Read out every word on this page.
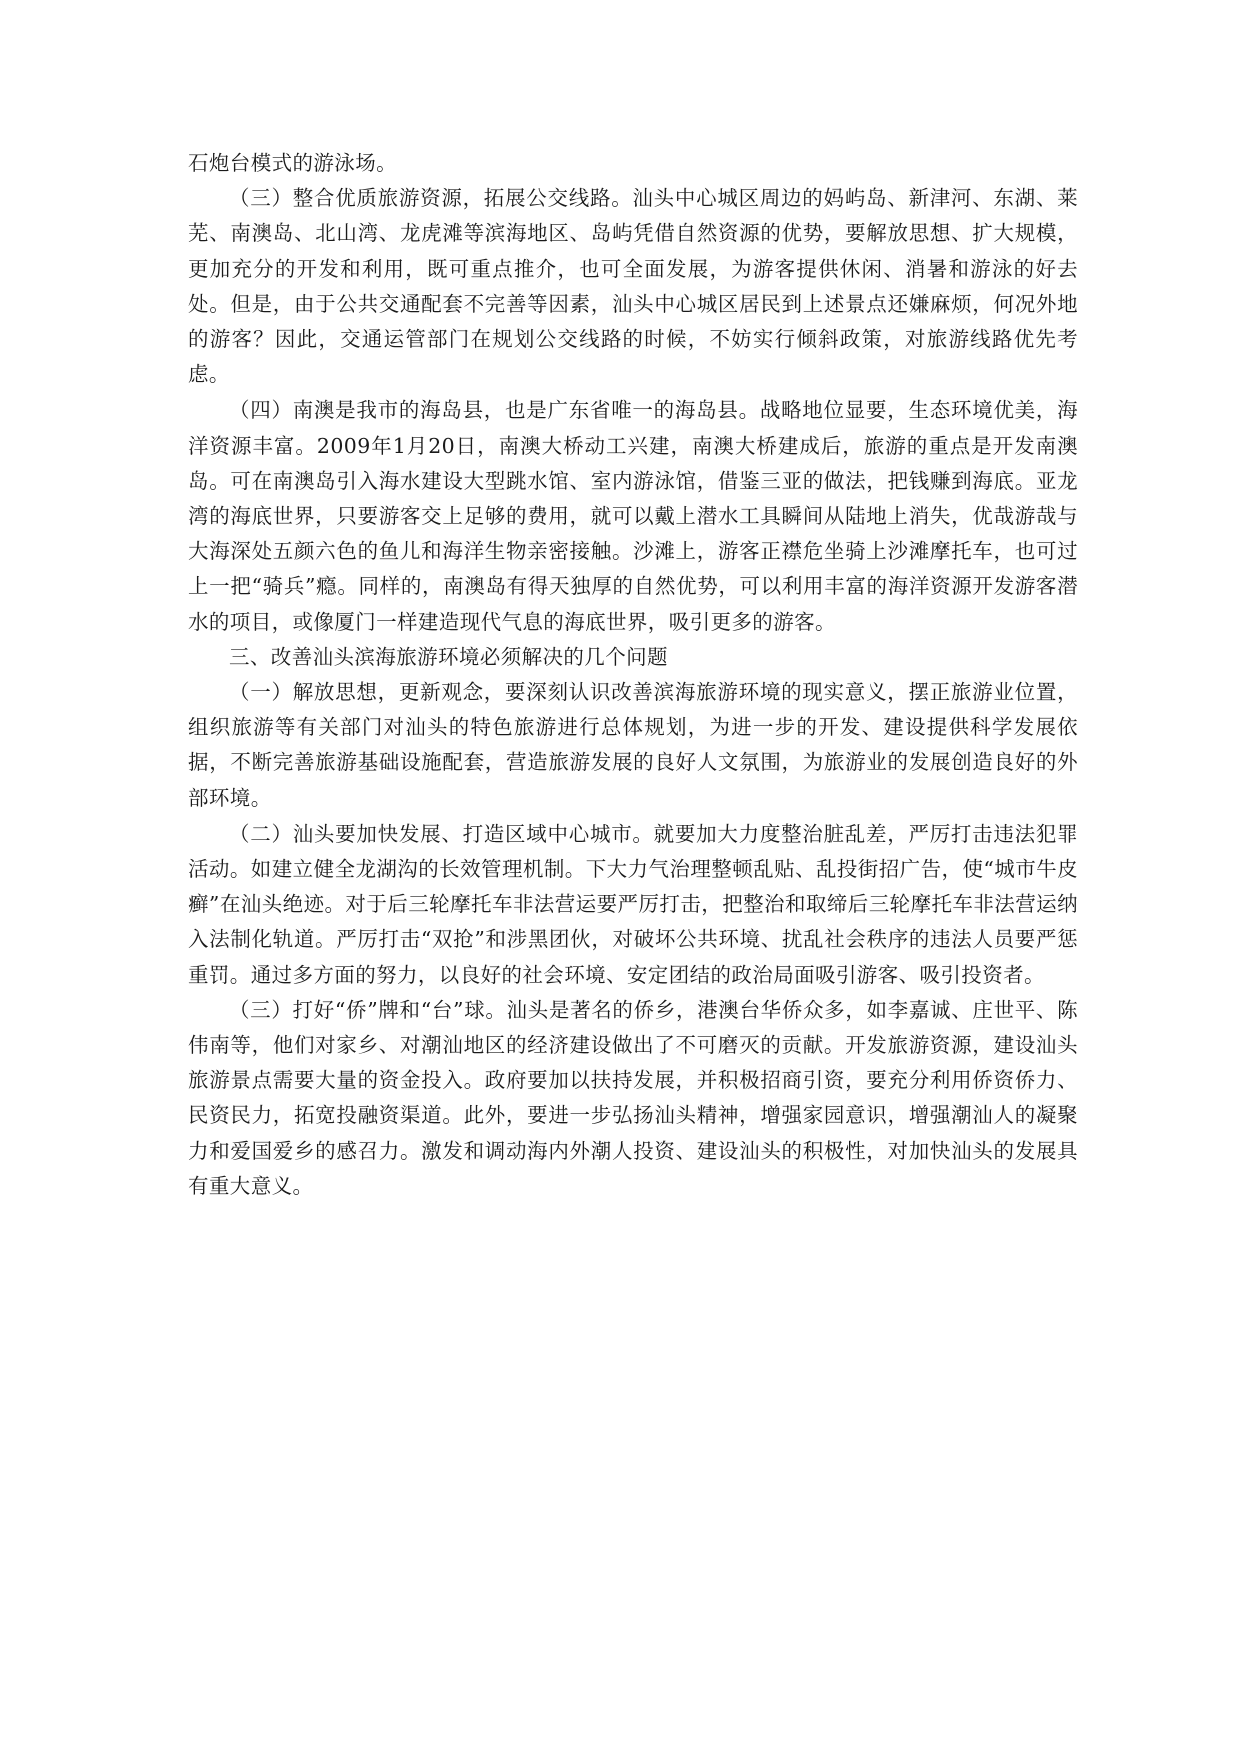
石炮台模式的游泳场。

（三）整合优质旅游资源，拓展公交线路。汕头中心城区周边的妈屿岛、新津河、东湖、莱芜、南澳岛、北山湾、龙虎滩等滨海地区、岛屿凭借自然资源的优势，要解放思想、扩大规模，更加充分的开发和利用，既可重点推介，也可全面发展，为游客提供休闲、消暑和游泳的好去处。但是，由于公共交通配套不完善等因素，汕头中心城区居民到上述景点还嫌麻烦，何况外地的游客？因此，交通运管部门在规划公交线路的时候，不妨实行倾斜政策，对旅游线路优先考虑。

（四）南澳是我市的海岛县，也是广东省唯一的海岛县。战略地位显要，生态环境优美，海洋资源丰富。2009年1月20日，南澳大桥动工兴建，南澳大桥建成后，旅游的重点是开发南澳岛。可在南澳岛引入海水建设大型跳水馆、室内游泳馆，借鉴三亚的做法，把钱赚到海底。亚龙湾的海底世界，只要游客交上足够的费用，就可以戴上潜水工具瞬间从陆地上消失，优哉游哉与大海深处五颜六色的鱼儿和海洋生物亲密接触。沙滩上，游客正襟危坐骑上沙滩摩托车，也可过上一把“骑兵”瘾。同样的，南澳岛有得天独厚的自然优势，可以利用丰富的海洋资源开发游客潜水的项目，或像厦门一样建造现代气息的海底世界，吸引更多的游客。

三、改善汕头滨海旅游环境必须解决的几个问题

（一）解放思想，更新观念，要深刻认识改善滨海旅游环境的现实意义，摆正旅游业位置，组织旅游等有关部门对汕头的特色旅游进行总体规划，为进一步的开发、建设提供科学发展依据，不断完善旅游基础设施配套，营造旅游发展的良好人文氛围，为旅游业的发展创造良好的外部环境。

（二）汕头要加快发展、打造区域中心城市。就要加大力度整治脏乱差，严厉打击违法犯罪活动。如建立健全龙湖沟的长效管理机制。下大力气治理整顿乱贴、乱投街招广告，使“城市牛皮癣”在汕头绝迹。对于后三轮摩托车非法营运要严厉打击，把整治和取缔后三轮摩托车非法营运纳入法制化轨道。严厉打击“双抢”和涉黑团伙，对破坏公共环境、扰乱社会秩序的违法人员要严惩重罚。通过多方面的努力，以良好的社会环境、安定团结的政治局面吸引游客、吸引投资者。

（三）打好“侨”牌和“台”球。汕头是著名的侨乡，港澳台华侨众多，如李嘉诚、庄世平、陈伟南等，他们对家乡、对潮汕地区的经济建设做出了不可磨灭的贡献。开发旅游资源，建设汕头旅游景点需要大量的资金投入。政府要加以扶持发展，并积极招商引资，要充分利用侨资侨力、民资民力，拓宽投融资渠道。此外，要进一步弘扬汕头精神，增强家园意识，增强潮汕人的凝聚力和爱国爱乡的感召力。激发和调动海内外潮人投资、建设汕头的积极性，对加快汕头的发展具有重大意义。
